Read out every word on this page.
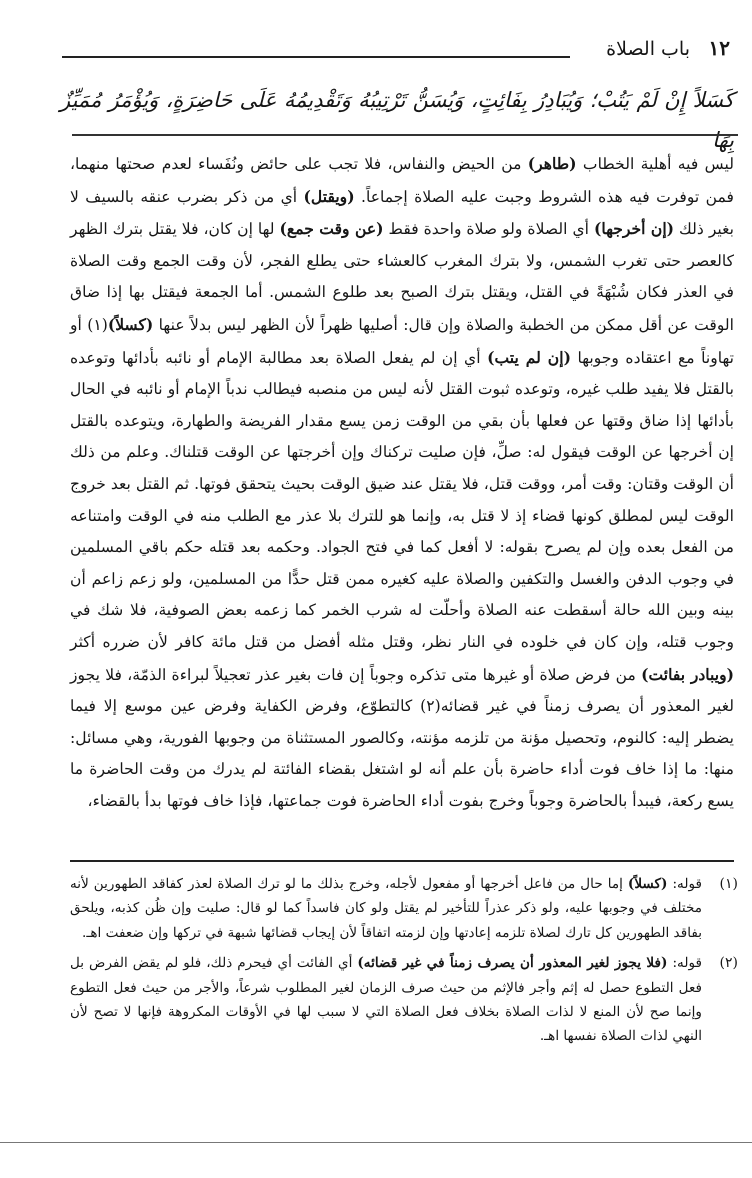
١٢
باب الصلاة
كَسَلاً إِنْ لَمْ يَتُبْ؛ وَيُبَادِرُ بِفَائِتٍ، وَيُسَنُّ تَرْتِيبُهُ وَتَقْدِيمُهُ عَلَى حَاضِرَةٍ، وَيُؤْمَرُ مُمَيِّزٌ بِهَا

ليس فيه أهلية الخطاب (طاهر) من الحيض والنفاس، فلا تجب على حائض ونُفَساء لعدم صحتها منهما، فمن توفرت فيه هذه الشروط وجبت عليه الصلاة إجماعاً. (ويقتل) أي من ذكر بضرب عنقه بالسيف لا بغير ذلك (إن أخرجها) أي الصلاة ولو صلاة واحدة فقط (عن وقت جمع) لها إن كان، فلا يقتل بترك الظهر كالعصر حتى تغرب الشمس، ولا بترك المغرب كالعشاء حتى يطلع الفجر، لأن وقت الجمع وقت الصلاة في العذر فكان شُبْهَةً في القتل، ويقتل بترك الصبح بعد طلوع الشمس. أما الجمعة فيقتل بها إذا ضاق الوقت عن أقل ممكن من الخطبة والصلاة وإن قال: أصليها ظهراً لأن الظهر ليس بدلاً عنها (كسلاً)(١) أو تهاوناً مع اعتقاده وجوبها (إن لم يتب) أي إن لم يفعل الصلاة بعد مطالبة الإمام أو نائبه بأدائها وتوعده بالقتل فلا يفيد طلب غيره، وتوعده ثبوت القتل لأنه ليس من منصبه فيطالب ندباً الإمام أو نائبه في الحال بأدائها إذا ضاق وقتها عن فعلها بأن بقي من الوقت زمن يسع مقدار الفريضة والطهارة، ويتوعده بالقتل إن أخرجها عن الوقت فيقول له: صلِّ، فإن صليت تركناك وإن أخرجتها عن الوقت قتلناك. وعلم من ذلك أن الوقت وقتان: وقت أمر، ووقت قتل، فلا يقتل عند ضيق الوقت بحيث يتحقق فوتها. ثم القتل بعد خروج الوقت ليس لمطلق كونها قضاء إذ لا قتل به، وإنما هو للترك بلا عذر مع الطلب منه في الوقت وامتناعه من الفعل بعده وإن لم يصرح بقوله: لا أفعل كما في فتح الجواد. وحكمه بعد قتله حكم باقي المسلمين في وجوب الدفن والغسل والتكفين والصلاة عليه كغيره ممن قتل حدًّا من المسلمين، ولو زعم زاعم أن بينه وبين الله حالة أسقطت عنه الصلاة وأحلّت له شرب الخمر كما زعمه بعض الصوفية، فلا شك في وجوب قتله، وإن كان في خلوده في النار نظر، وقتل مثله أفضل من قتل مائة كافر لأن ضرره أكثر (ويبادر بفائت) من فرض صلاة أو غيرها متى تذكره وجوباً إن فات بغير عذر تعجيلاً لبراءة الذمّة، فلا يجوز لغير المعذور أن يصرف زمناً في غير قضائه(٢) كالتطوّع، وفرض الكفاية وفرض عين موسع إلا فيما يضطر إليه: كالنوم، وتحصيل مؤنة من تلزمه مؤنته، وكالصور المستثناة من وجوبها الفورية، وهي مسائل: منها: ما إذا خاف فوت أداء حاضرة بأن علم أنه لو اشتغل بقضاء الفائتة لم يدرك من وقت الحاضرة ما يسع ركعة، فيبدأ بالحاضرة وجوباً وخرج بفوت أداء الحاضرة فوت جماعتها، فإذا خاف فوتها بدأ بالقضاء،

(١)

قوله: (كسلاً) إما حال من فاعل أخرجها أو مفعول لأجله، وخرج بذلك ما لو ترك الصلاة لعذر كفاقد الطهورين لأنه مختلف في وجوبها عليه، ولو ذكر عذراً للتأخير لم يقتل ولو كان فاسداً كما لو قال: صليت وإن ظُن كذبه، ويلحق بفاقد الطهورين كل تارك لصلاة تلزمه إعادتها وإن لزمته اتفاقاً لأن إيجاب قضائها شبهة في تركها وإن ضعفت اهـ.

(٢)

قوله: (فلا يجوز لغير المعذور أن يصرف زمناً في غير قضائه) أي الفائت أي فيحرم ذلك، فلو لم يقض الفرض بل فعل التطوع حصل له إثم وأجر فالإثم من حيث صرف الزمان لغير المطلوب شرعاً، والأجر من حيث فعل التطوع وإنما صح لأن المنع لا لذات الصلاة بخلاف فعل الصلاة التي لا سبب لها في الأوقات المكروهة فإنها لا تصح لأن النهي لذات الصلاة نفسها اهـ.
